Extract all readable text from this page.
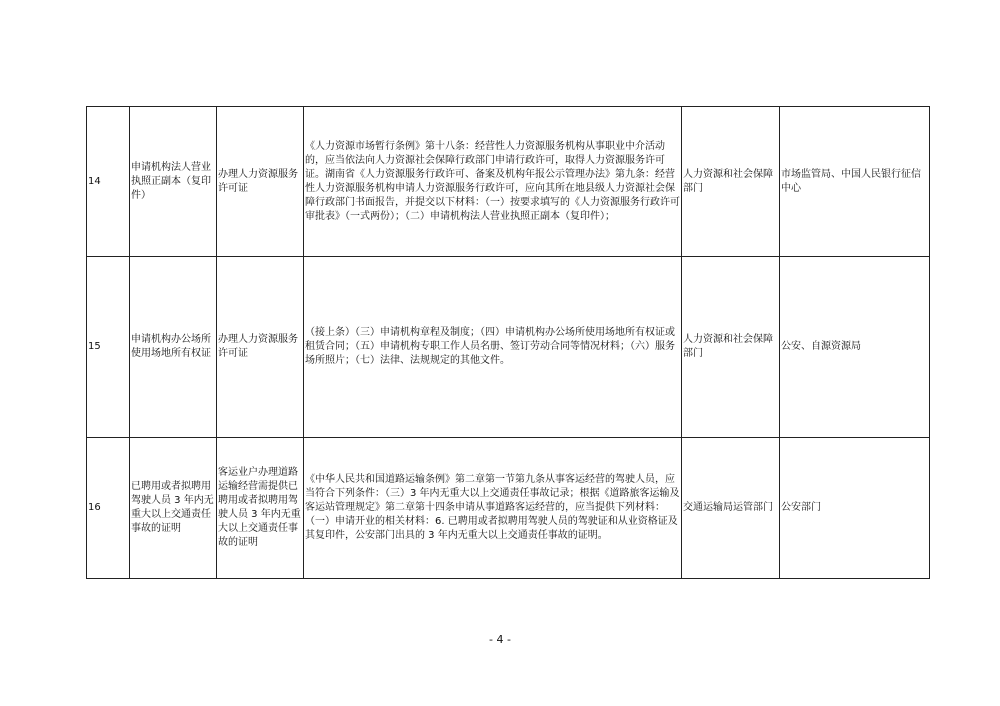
14	申请机构法人营业执照正副本（复印件）	办理人力资源服务许可证	《人力资源市场暂行条例》第十八条：经营性人力资源服务机构从事职业中介活动的，应当依法向人力资源社会保障行政部门申请行政许可，取得人力资源服务许可证。湖南省《人力资源服务行政许可、备案及机构年报公示管理办法》第九条：经营性人力资源服务机构申请人力资源服务行政许可，应向其所在地县级人力资源社会保障行政部门书面报告，并提交以下材料：（一）按要求填写的《人力资源服务行政许可审批表》（一式两份）；（二）申请机构法人营业执照正副本（复印件）；	人力资源和社会保障部门	市场监管局、中国人民银行征信中心
15	申请机构办公场所使用场地所有权证	办理人力资源服务许可证	（接上条）（三）申请机构章程及制度；（四）申请机构办公场所使用场地所有权证或租赁合同；（五）申请机构专职工作人员名册、签订劳动合同等情况材料；（六）服务场所照片；（七）法律、法规规定的其他文件。	人力资源和社会保障部门	公安、自源资源局
16	已聘用或者拟聘用驾驶人员 3 年内无重大以上交通责任事故的证明	客运业户办理道路运输经营需提供已聘用或者拟聘用驾驶人员 3 年内无重大以上交通责任事故的证明	《中华人民共和国道路运输条例》第二章第一节第九条从事客运经营的驾驶人员，应当符合下列条件：（三）3 年内无重大以上交通责任事故记录；根据《道路旅客运输及客运站管理规定》第二章第十四条申请从事道路客运经营的，应当提供下列材料：（一）申请开业的相关材料：6. 已聘用或者拟聘用驾驶人员的驾驶证和从业资格证及其复印件，公安部门出具的 3 年内无重大以上交通责任事故的证明。	交通运输局运管部门	公安部门
- 4 -
